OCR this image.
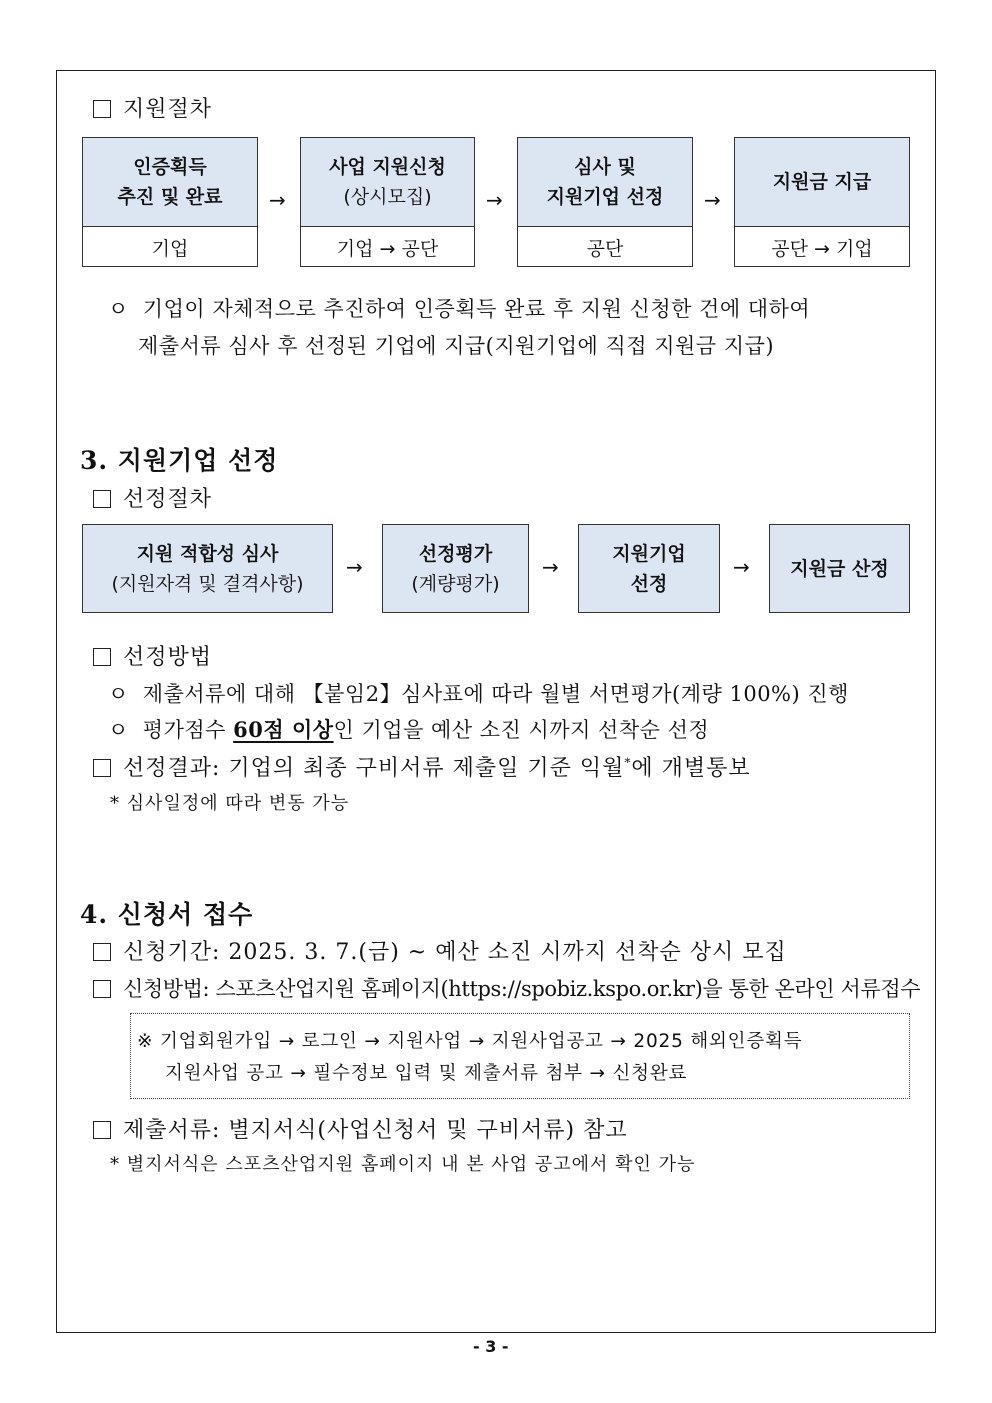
지원절차
인증획득
추진 및 완료
기업
→
사업 지원신청
(상시모집)
기업 → 공단
→
심사 및
지원기업 선정
공단
→
지원금 지급
공단 → 기업
ㅇ 기업이 자체적으로 추진하여 인증획득 완료 후 지원 신청한 건에 대하여
제출서류 심사 후 선정된 기업에 지급(지원기업에 직접 지원금 지급)
3. 지원기업 선정
선정절차
지원 적합성 심사
(지원자격 및 결격사항)
→
선정평가
(계량평가)
→
지원기업
선정
→ 지원금 산정
선정방법
ㅇ 제출서류에 대해 【붙임2】심사표에 따라 월별 서면평가(계량 100%) 진행
ㅇ 평가점수 60점 이상인 기업을 예산 소진 시까지 선착순 선정
선정결과: 기업의 최종 구비서류 제출일 기준 익월*에 개별통보
* 심사일정에 따라 변동 가능
4. 신청서 접수
신청기간: 2025. 3. 7.(금) ~ 예산 소진 시까지 선착순 상시 모집
신청방법: 스포츠산업지원 홈페이지(https://spobiz.kspo.or.kr)을 통한 온라인 서류접수
※ 기업회원가입 → 로그인 → 지원사업 → 지원사업공고 → 2025 해외인증획득
지원사업 공고 → 필수정보 입력 및 제출서류 첨부 → 신청완료
제출서류: 별지서식(사업신청서 및 구비서류) 참고
* 별지서식은 스포츠산업지원 홈페이지 내 본 사업 공고에서 확인 가능
- 3 -
